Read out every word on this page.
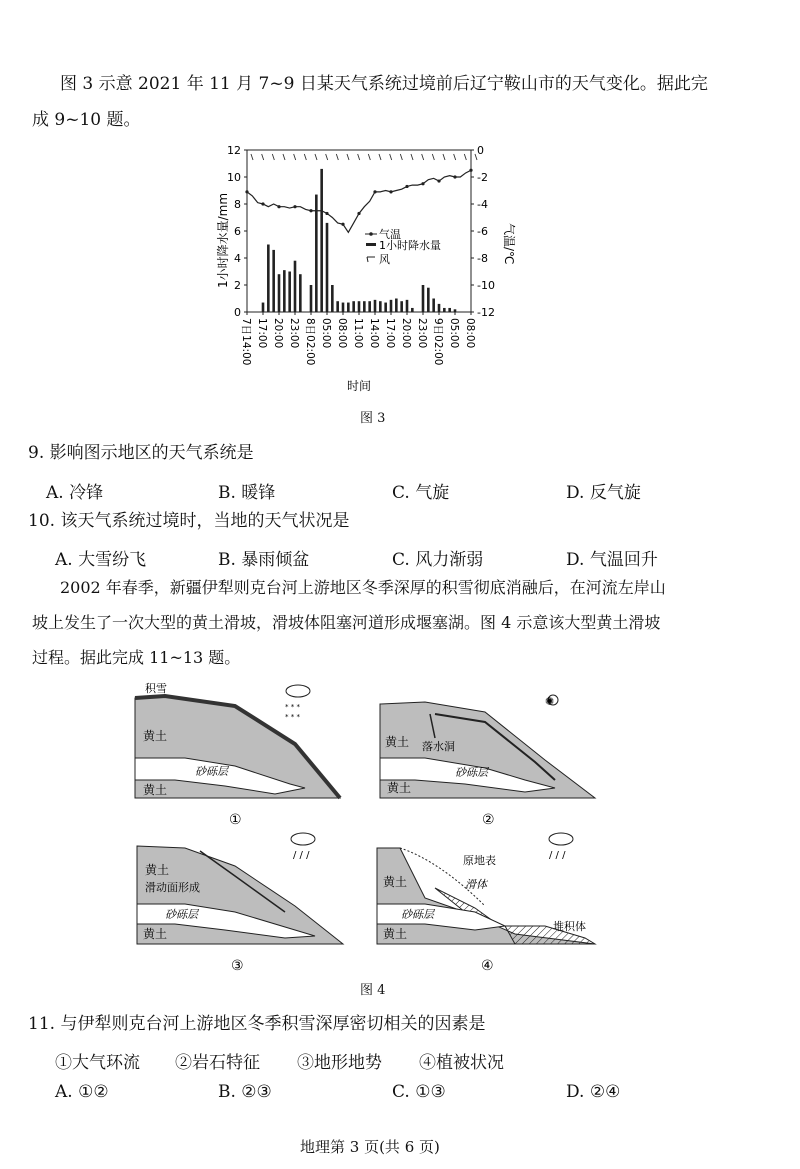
图 3 示意 2021 年 11 月 7~9 日某天气系统过境前后辽宁鞍山市的天气变化。据此完
成 9~10 题。
0
2
4
6
8
10
12
-12
-10
-8
-6
-4
-2
0
7日14:00 17:00 20:00 23:00 8日02:00 05:00 08:00 11:00 14:00 17:00 20:00 23:00 9日02:00 05:00 08:00
气温
1小时降水量
风
1小时降水量/mm	气温/℃
时间
图 3
9. 影响图示地区的天气系统是
A. 冷锋	B. 暖锋	C. 气旋	D. 反气旋
10. 该天气系统过境时，当地的天气状况是
A. 大雪纷飞	B. 暴雨倾盆	C. 风力渐弱	D. 气温回升
2002 年春季，新疆伊犁则克台河上游地区冬季深厚的积雪彻底消融后，在河流左岸山
坡上发生了一次大型的黄土滑坡，滑坡体阻塞河道形成堰塞湖。图 4 示意该大型黄土滑坡
过程。据此完成 11~13 题。
* * *
* * *
积雪
黄土
砂砾层
黄土
①
✺
落水洞
黄土
砂砾层
黄土
②
/ / /
黄土
滑动面形成
砂砾层
黄土
③
/ / /
原地表
滑体
堆积体
黄土
砂砾层
黄土
④
图 4
11. 与伊犁则克台河上游地区冬季积雪深厚密切相关的因素是
①大气环流 ②岩石特征 ③地形地势 ④植被状况
A. ①②	B. ②③	C. ①③	D. ②④
地理第 3 页(共 6 页)
